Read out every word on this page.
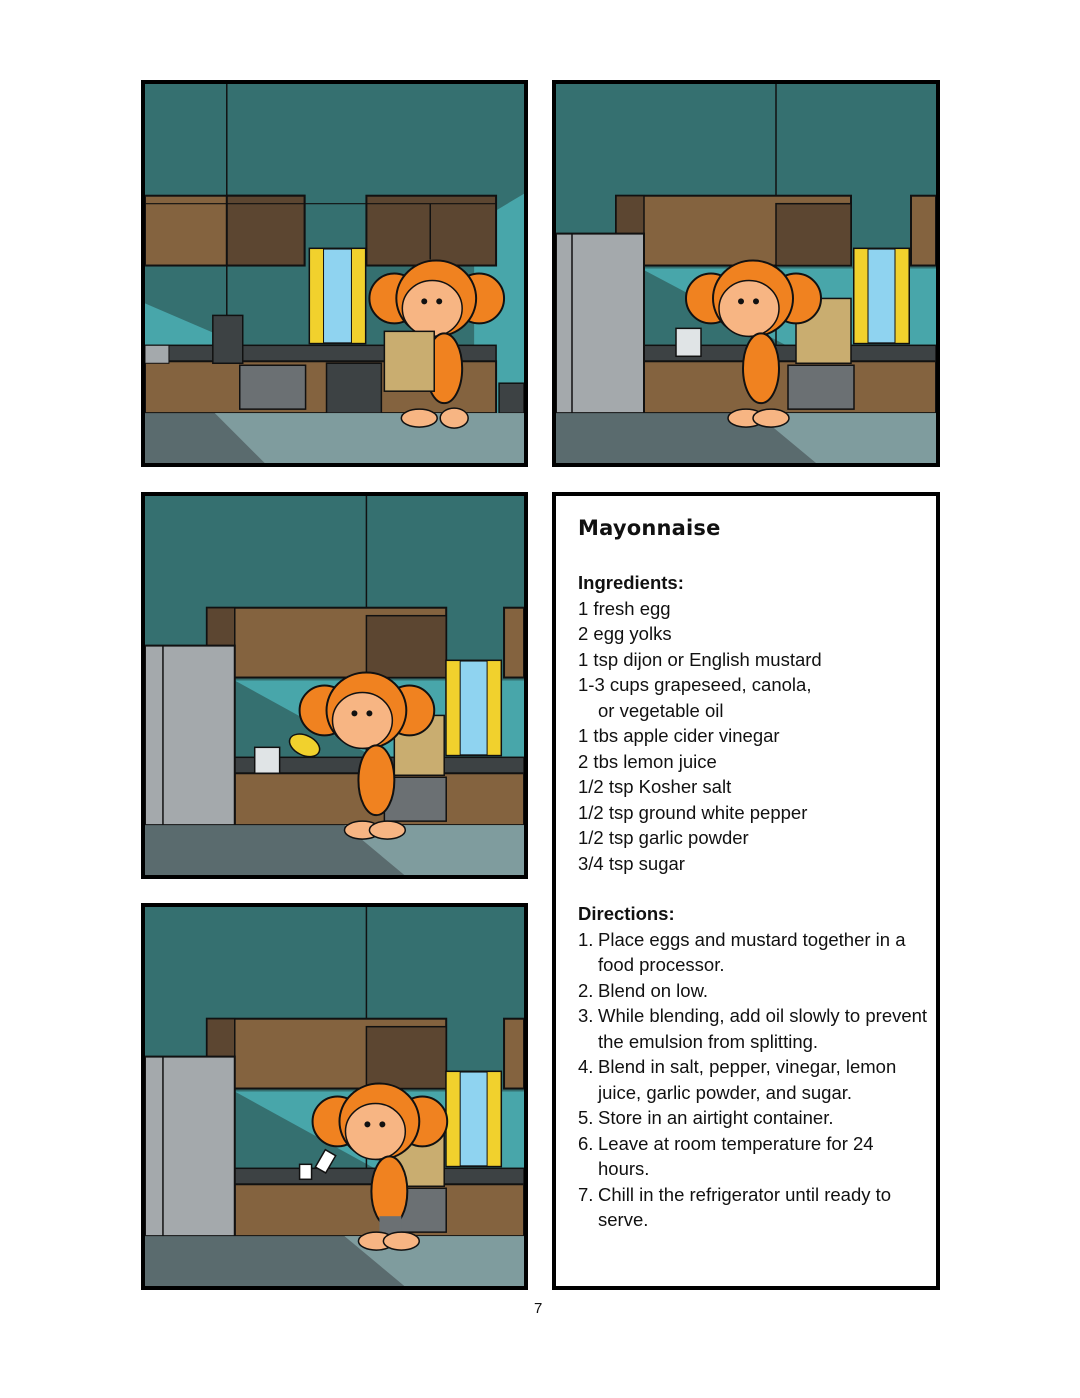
Mayonnaise
Ingredients:
1 fresh egg
2 egg yolks
1 tsp dijon or English mustard
1-3 cups grapeseed, canola,
or vegetable oil
1 tbs apple cider vinegar
2 tbs lemon juice
1/2 tsp Kosher salt
1/2 tsp ground white pepper
1/2 tsp garlic powder
3/4 tsp sugar
Directions:
1. Place eggs and mustard together in a food processor.
2. Blend on low.
3. While blending, add oil slowly to prevent the emulsion from splitting.
4. Blend in salt, pepper, vinegar, lemon juice, garlic powder, and sugar.
5. Store in an airtight container.
6. Leave at room temperature for 24 hours.
7. Chill in the refrigerator until ready to serve.
7
